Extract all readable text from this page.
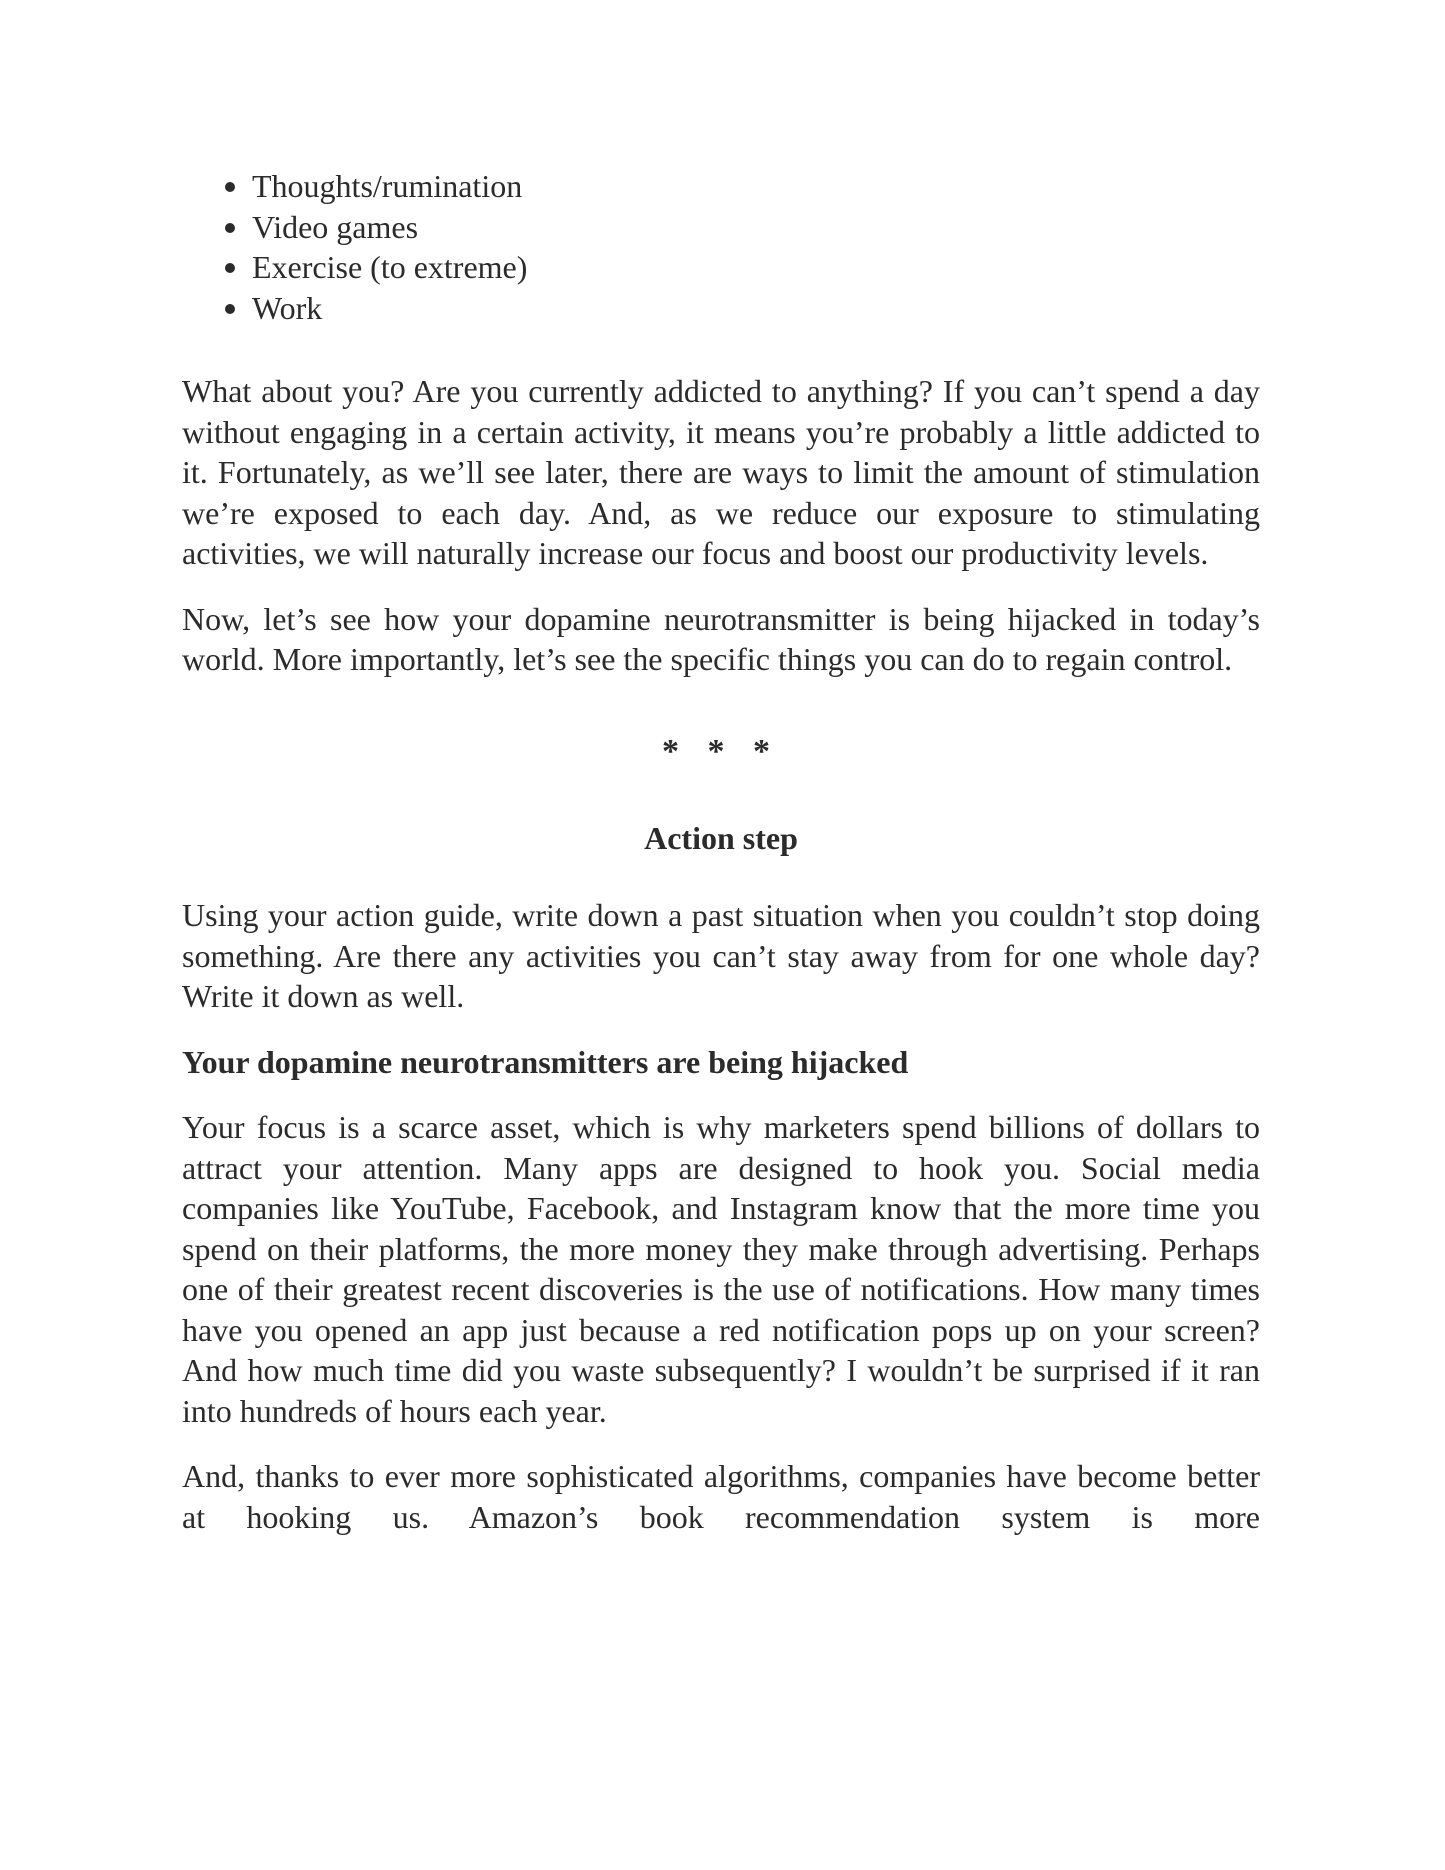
Thoughts/rumination
Video games
Exercise (to extreme)
Work

What about you? Are you currently addicted to anything? If you can’t spend a day without engaging in a certain activity, it means you’re probably a little addicted to it. Fortunately, as we’ll see later, there are ways to limit the amount of stimulation we’re exposed to each day. And, as we reduce our exposure to stimulating activities, we will naturally increase our focus and boost our productivity levels.

Now, let’s see how your dopamine neurotransmitter is being hijacked in today’s world. More importantly, let’s see the specific things you can do to regain control.

* * *
Action step

Using your action guide, write down a past situation when you couldn’t stop doing something. Are there any activities you can’t stay away from for one whole day? Write it down as well.

Your dopamine neurotransmitters are being hijacked

Your focus is a scarce asset, which is why marketers spend billions of dollars to attract your attention. Many apps are designed to hook you. Social media companies like YouTube, Facebook, and Instagram know that the more time you spend on their platforms, the more money they make through advertising. Perhaps one of their greatest recent discoveries is the use of notifications. How many times have you opened an app just because a red notification pops up on your screen? And how much time did you waste subsequently? I wouldn’t be surprised if it ran into hundreds of hours each year.

And, thanks to ever more sophisticated algorithms, companies have become better at hooking us. Amazon’s book recommendation system is more
